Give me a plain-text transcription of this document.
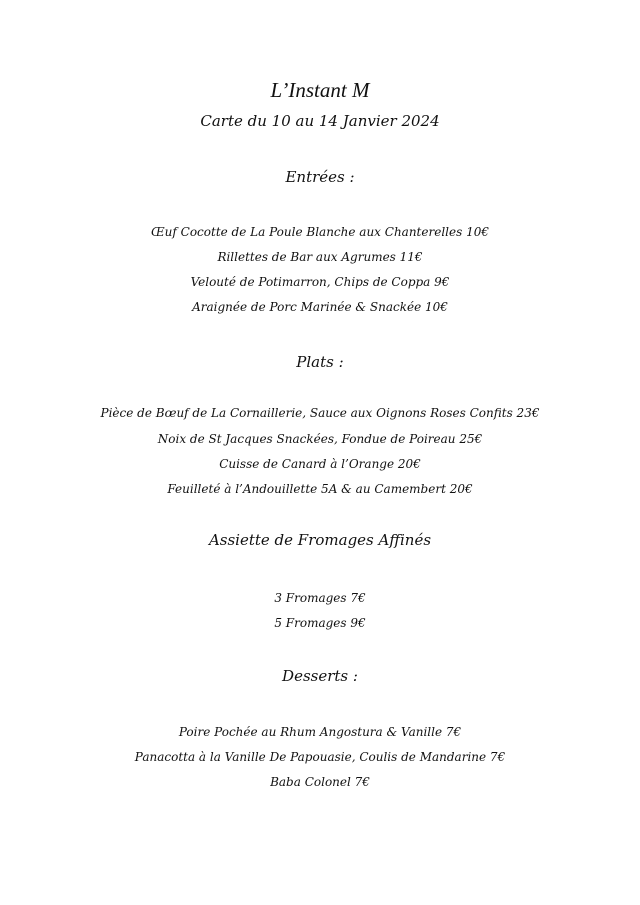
L’Instant M
Carte du 10 au 14 Janvier 2024
Entrées :
Œuf Cocotte de La Poule Blanche aux Chanterelles 10€
Rillettes de Bar aux Agrumes 11€
Velouté de Potimarron, Chips de Coppa 9€
Araignée de Porc Marinée & Snackée 10€
Plats :
Pièce de Bœuf de La Cornaillerie, Sauce aux Oignons Roses Confits 23€
Noix de St Jacques Snackées, Fondue de Poireau 25€
Cuisse de Canard à l’Orange 20€
Feuilleté à l’Andouillette 5A & au Camembert 20€
Assiette de Fromages Affinés
3 Fromages 7€
5 Fromages 9€
Desserts :
Poire Pochée au Rhum Angostura & Vanille 7€
Panacotta à la Vanille De Papouasie, Coulis de Mandarine 7€
Baba Colonel 7€
